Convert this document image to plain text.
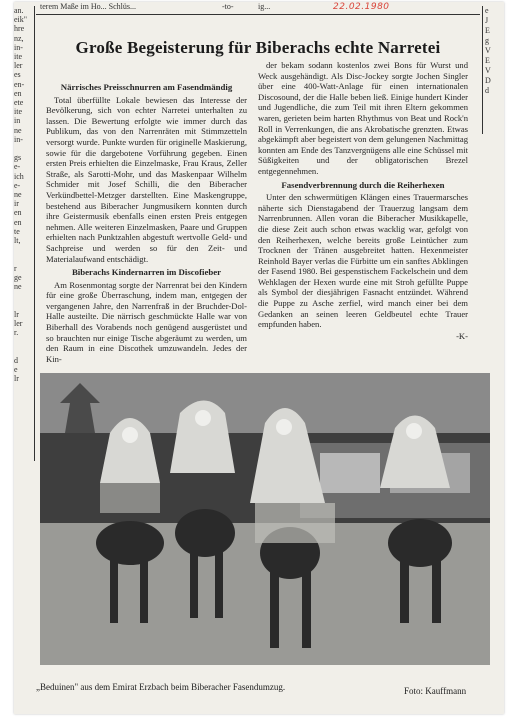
22.02.1980
terem Maße im Ho... Schlüs...	-to-	ig...
an.
eik"
hre
nz,
in-
ite
ler
es
en-
en
ete
ite
in
ne
in-

gs
e-
ich
e-
ne
ir
en
en
te
lt,

r
ge
ne

lr
ler
r.

d
e
lr
e
J
E
g
V
E
V
D
d
Große Begeisterung für Biberachs echte Narretei
Närrisches Preisschnurren am Fasendmändig

Total überfüllte Lokale bewiesen das Interesse der Bevölkerung, sich von echter Narretei unterhalten zu lassen. Die Bewertung erfolgte wie immer durch das Publikum, das von den Narrenräten mit Stimmzetteln versorgt wurde. Punkte wurden für originelle Maskierung, sowie für die dargebotene Vorführung gegeben. Einen ersten Preis erhielten die Einzelmaske, Frau Kraus, Zeller Straße, als Sarotti-Mohr, und das Maskenpaar Wilhelm Schmider mit Josef Schilli, die den Biberacher Verkündbettel-Metzger darstellten. Eine Maskengruppe, bestehend aus Biberacher Jungmusikern konnten durch ihre Geistermusik ebenfalls einen ersten Preis entgegen nehmen. Alle weiteren Einzelmasken, Paare und Gruppen erhielten nach Punktzahlen abgestuft wertvolle Geld- und Sachpreise und werden so für den Zeit- und Materialaufwand entschädigt.

Biberachs Kindernarren im Discofieber

Am Rosenmontag sorgte der Narrenrat bei den Kindern für eine große Überraschung, indem man, entgegen der vergangenen Jahre, den Narrenfraß in der Bruchder-Dol-Halle austeilte. Die närrisch geschmückte Halle war von Biberhall des Vorabends noch genügend ausgerüstet und so brauchten nur einige Tische abgeräumt zu werden, um den Raum in eine Discothek umzuwandeln. Jedes der Kin-

der bekam sodann kostenlos zwei Bons für Wurst und Weck ausgehändigt. Als Disc-Jockey sorgte Jochen Singler über eine 400-Watt-Anlage für einen internationalen Discosound, der die Halle beben ließ. Einige hundert Kinder und Jugendliche, die zum Teil mit ihren Eltern gekommen waren, gerieten beim harten Rhythmus von Beat und Rock'n Roll in Verrenkungen, die ans Akrobatische grenzten. Etwas abgekämpft aber begeistert von dem gelungenen Nachmittag konnten am Ende des Tanzvergnügens alle eine Schüssel mit Süßigkeiten und der obligatorischen Brezel entgegennehmen.

Fasendverbrennung durch die Reiherhexen

Unter den schwermütigen Klängen eines Trauermarsches näherte sich Dienstagabend der Trauerzug langsam dem Narrenbrunnen. Allen voran die Biberacher Musikkapelle, die diese Zeit auch schon etwas wacklig war, gefolgt von den Reiherhexen, welche bereits große Leintücher zum Trocknen der Tränen ausgebreitet hatten. Hexenmeister Reinhold Bayer verlas die Fürbitte um ein sanftes Abklingen der Fasend 1980. Bei gespenstischem Fackelschein und dem Wehklagen der Hexen wurde eine mit Stroh gefüllte Puppe als Symbol der diesjährigen Fasnacht entzündet. Während die Puppe zu Asche zerfiel, wird manch einer bei dem Gedanken an seinen leeren Geldbeutel echte Trauer empfunden haben.

-K-
„Beduinen" aus dem Emirat Erzbach beim Biberacher Fasendumzug.	Foto: Kauffmann
